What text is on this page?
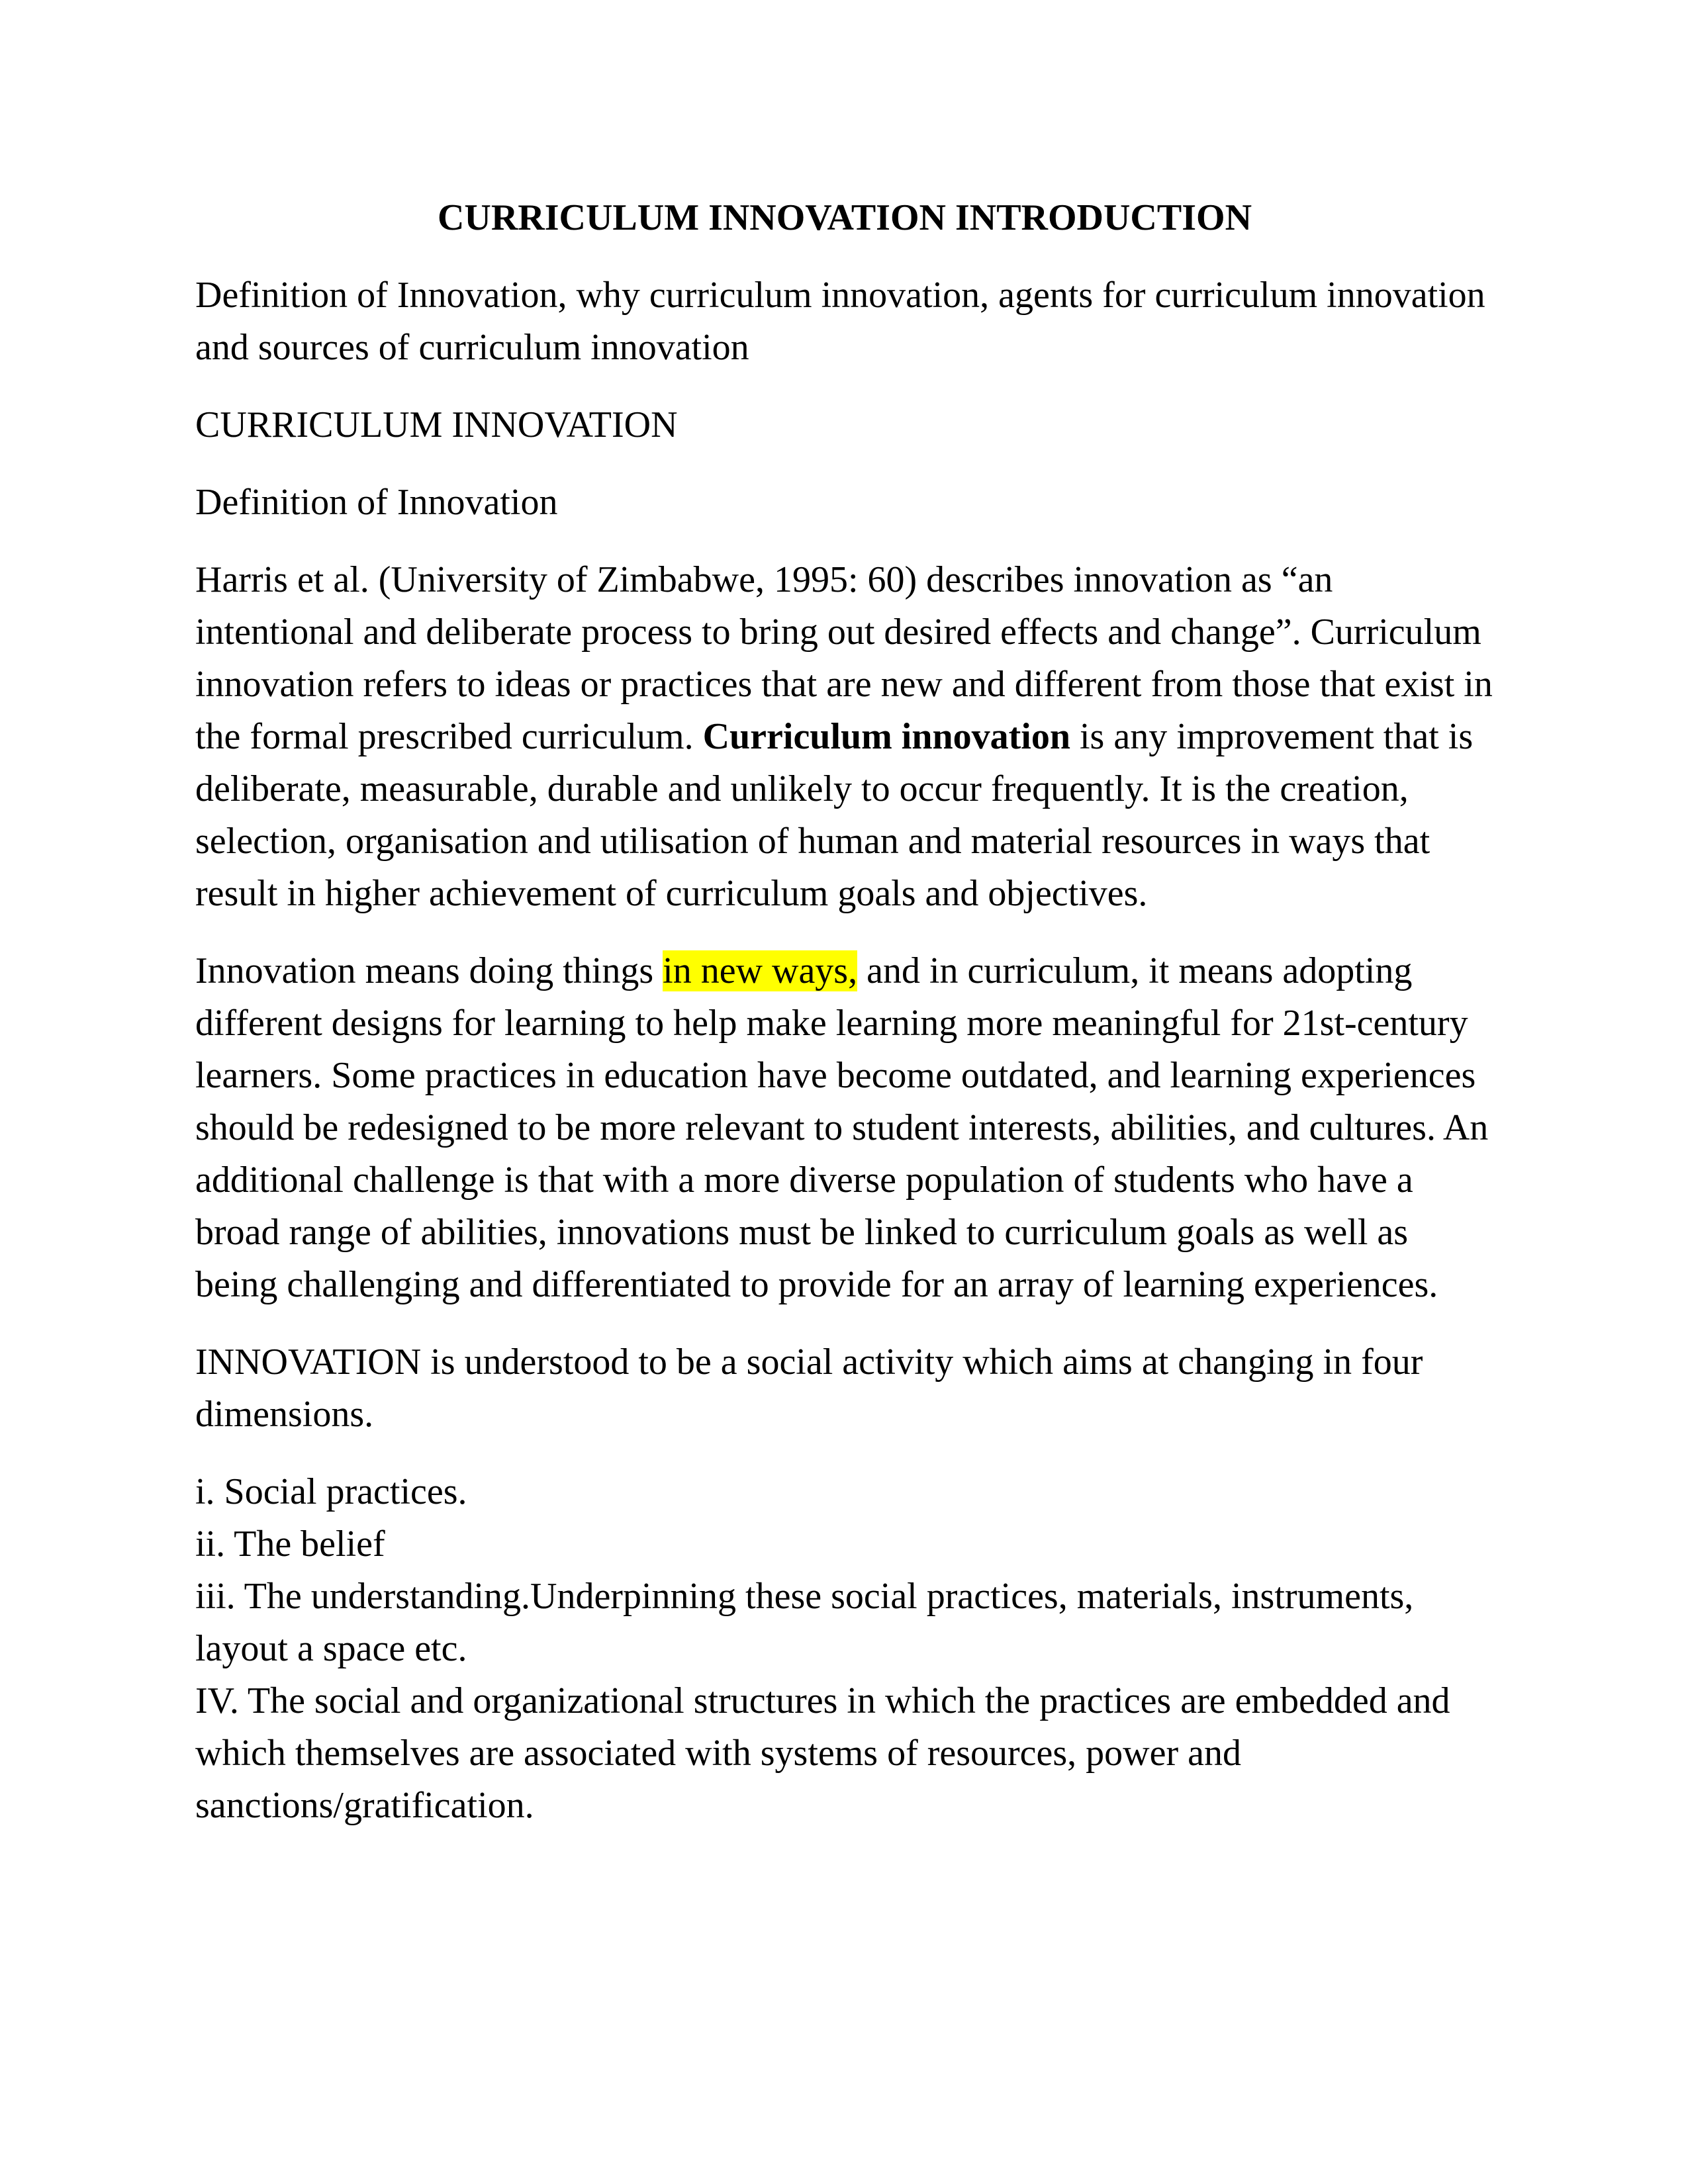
CURRICULUM INNOVATION INTRODUCTION

Definition of Innovation, why curriculum innovation, agents for curriculum innovation and sources of curriculum innovation

CURRICULUM INNOVATION

Definition of Innovation

Harris et al. (University of Zimbabwe, 1995: 60) describes innovation as “an intentional and deliberate process to bring out desired effects and change”. Curriculum innovation refers to ideas or practices that are new and different from those that exist in the formal prescribed curriculum. Curriculum innovation is any improvement that is deliberate, measurable, durable and unlikely to occur frequently. It is the creation, selection, organisation and utilisation of human and material resources in ways that result in higher achievement of curriculum goals and objectives.

Innovation means doing things in new ways, and in curriculum, it means adopting different designs for learning to help make learning more meaningful for 21st-century learners. Some practices in education have become outdated, and learning experiences should be redesigned to be more relevant to student interests, abilities, and cultures. An additional challenge is that with a more diverse population of students who have a broad range of abilities, innovations must be linked to curriculum goals as well as being challenging and differentiated to provide for an array of learning experiences.

INNOVATION is understood to be a social activity which aims at changing in four dimensions.

i. Social practices.
ii. The belief
iii. The understanding.Underpinning these social practices, materials, instruments, layout a space etc.
IV. The social and organizational structures in which the practices are embedded and which themselves are associated with systems of resources, power and sanctions/gratification.
